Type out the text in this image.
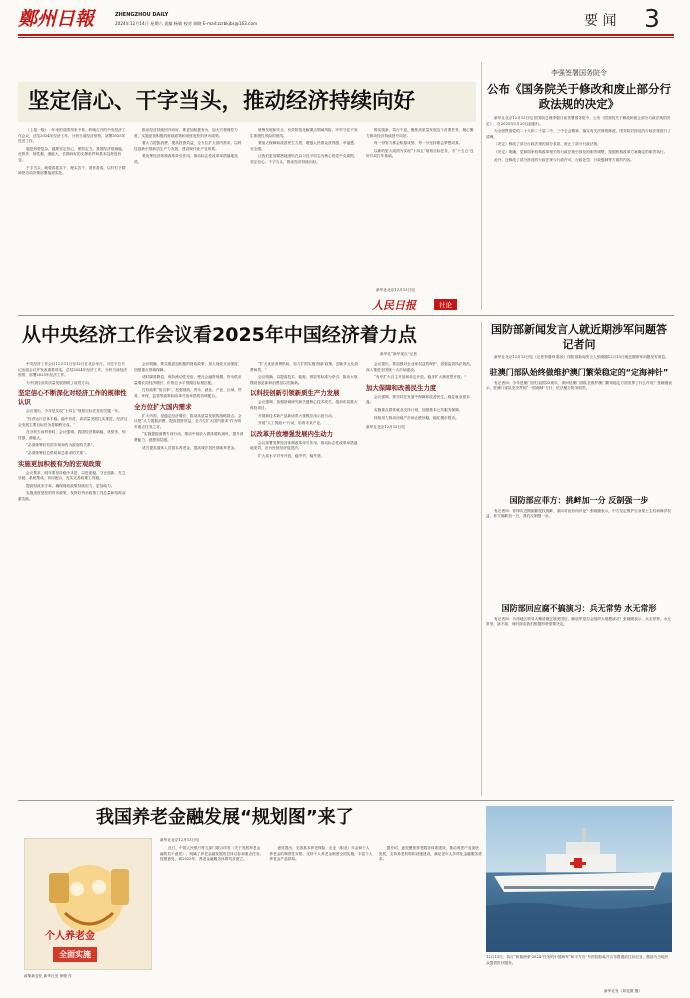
鄭州日報	ZHENGZHOU DAILY
2024年12月14日 星期六 责编 杨敏 校对 胡晓 E-mail:zzrbkjbs@163.com	要 闻 3
坚定信心、干字当头，推动经济持续向好

（上接一版）一年来的成绩得来不易，昨晚召开的中央经济工作会议，总结2024年经济工作，分析当前经济形势，部署2025年经济工作。

越是形势复杂，越要坚定信心、保持定力。我国经济基础稳、优势多、韧性强、潜能大，长期向好的支撑条件和基本趋势没有变。

干字当头，就要真抓实干、埋头苦干、善作善成，以钉钉子精神把各项决策部署落到实处。

推动经济持续回升向好，要更加积极有为，加大宏观调控力度，实施更加积极的财政政策和适度宽松的货币政策。

要大力提振消费、提高投资效益，全方位扩大国内需求，以科技创新引领新质生产力发展，建设现代化产业体系。

要发挥经济体制改革牵引作用，推动标志性改革举措落地见效。

统筹发展和安全，有效防范化解重点领域风险，牢牢守住不发生系统性风险的底线。

要加大保障和改善民生力度，增强人民群众获得感、幸福感、安全感。

让我们更加紧密地团结在以习近平同志为核心的党中央周围，坚定信心、干字当头，推动经济持续向好。

惟实励新，笃行不怠。聚焦高质量发展这个首要任务，凝心聚力推动经济持续回升向好。

每一份努力都会积厚成势，每一分坚持都会梦想成真。

以新的更大成绩为实现“十四五”规划目标任务、为“十五五”良好开局打牢基础。

新华社北京12月13日电
人民日报	社论
李强签署国务院令
公布《国务院关于修改和废止部分行政法规的决定》

新华社北京12月13日电 国务院总理李强日前签署国务院令，公布《国务院关于修改和废止部分行政法规的决定》，自2025年1月20日起施行。

为全面贯彻党的二十大和二十届二中、三中全会精神，落实有关法律的修改，国务院对涉及的行政法规进行了清理。

《决定》修改了部分行政法规的部分条款，废止了部分行政法规。

《决定》明确，党和国家机构改革相关的行政法规中涉及的职责调整，按照机构改革方案确定的职责执行。

此外，还修改了部分涉及的行政法规与行政许可、行政处罚、行政强制等方面的内容。

从中央经济工作会议看2025年中国经济着力点
新华社“新华视点”记者

中央经济工作会议12月11日至12日在北京举行。习近平总书记出席会议并发表重要讲话，总结2024年经济工作，分析当前经济形势，部署2025年经济工作。

为中国经济高质量发展指明了前进方向。

坚定信心不断深化对经济工作的规律性认识

会议指出，今年是实现“十四五”规划目标任务的关键一年。

“经济运行总体平稳、稳中有进，高质量发展扎实推进，经济社会发展主要目标任务将顺利完成。”

在分析当前形势时，会议强调，我国经济基础稳、优势多、韧性强、潜能大。

“必须统筹好有效市场和有为政府的关系”。

“必须统筹好总供给和总需求的关系”。

实施更加积极有为的宏观政策

会议要求，明年要坚持稳中求进、以进促稳，守正创新、先立后破，系统集成、协同配合，充实完善政策工具箱。

提高财政赤字率，确保财政政策持续用力、更加给力。

实施适度宽松的货币政策，发挥好货币政策工具总量和结构双重功能。

会议明确，要实施更加积极的财政政策，加大财政支出强度，加强重点领域保障。

适时降准降息，保持流动性充裕，使社会融资规模、货币供应量增长同经济增长、价格总水平预期目标相匹配。

打好政策“组合拳”，加强财政、货币、就业、产业、区域、贸易、环保、监管等政策和改革开放举措的协调配合。

全方位扩大国内需求

扩大内需，是稳定经济增长、推动高质量发展的战略基点。会议把“大力提振消费、提高投资效益，全方位扩大国内需求”作为明年重点任务之首。

“实施提振消费专项行动，推动中低收入群体增收减负，提升消费能力、意愿和层级。”

适当提高退休人员基本养老金，提高城乡居民基础养老金。

“扩大优质消费供给，加力扩围实施‘两新’政策，创新多元化消费场景。”

会议明确，以提高技术、能耗、排放等标准为牵引，推动大规模设备更新和消费品以旧换新。

以科技创新引领新质生产力发展

会议强调，加强基础研究和关键核心技术攻关，超前布局重大科技项目。

开展新技术新产品新场景大规模应用示范行动。

开展“人工智能+”行动，培育未来产业。

以改革开放增强发展内生动力

会议部署发挥经济体制改革牵引作用，推动标志性改革举措落地见效，出台民营经济促进法。

扩大高水平对外开放，稳外贸、稳外资。

会议提出，要加强对企业家权益的保护，加强监管执法规范，深入推进全国统一大市场建设。

“有序扩大自主开放和单边开放，稳步扩大制度型开放。”

加大保障和改善民生力度

会议强调，要坚持在发展中保障和改善民生，稳住就业基本盘。

实施重点群体就业支持计划，加强基本公共服务保障。

持续用力推动房地产市场止跌回稳，稳住楼市股市。

新华社北京12月12日电

国防部新闻发言人就近期涉军问题答记者问

新华社北京12月13日电（记者李继舜 陈欣）国防部新闻发言人张晓刚12月13日就近期涉军问题发布消息。

驻澳门部队始终做维护澳门繁荣稳定的“定海神针”

有记者问：今年是澳门回归祖国25周年，请问驻澳门部队在维护澳门繁荣稳定方面发挥了什么作用？张晓刚表示，驻澳门部队坚决贯彻“一国两制”方针，依法履行防务职责。

国防部应菲方：挑衅加一分 反制强一步

有记者问：菲律宾近期频繁侵权挑衅，请问对此有何评论？张晓刚表示，中方坚定维护自身领土主权和海洋权益，菲方挑衅加一分，我们反制强一步。

国防部回应腐不搞演习：兵无常势 水无常形

有记者问：台湾地区领导人赖清德过境美国后，解放军是否会组织大规模演习？张晓刚表示，兵无常势，水无常形，演不演、何时演由我们根据形势需要决定。

我国养老金融发展“规划图”来了
个人养老金
全面实施
政策新变化 新华社发 徐骏 作
新华社北京12月13日电

近日，中国人民银行等九部门联合印发《关于发展养老金融的若干意见》，明确了养老金融发展的总体目标和重点任务。按照意见，到2025年，养老金融服务体系初步建立。

意见提出，完善基本养老保险、企业（职业）年金和个人养老金的制度性安排，支持个人养老金制度全国实施，丰富个人养老金产品供给。

据介绍，意见聚焦养老服务体系建设，推动养老产业加快发展，支持养老机构和设施建设，满足老年人多样化金融服务需求。

12月13日，执行“和谐使命-2024”任务的中国海军“和平方舟”号医院船离开吉布提港前往肯尼亚，继续为当地民众提供医疗服务。
新华社发（刘北图 摄）
